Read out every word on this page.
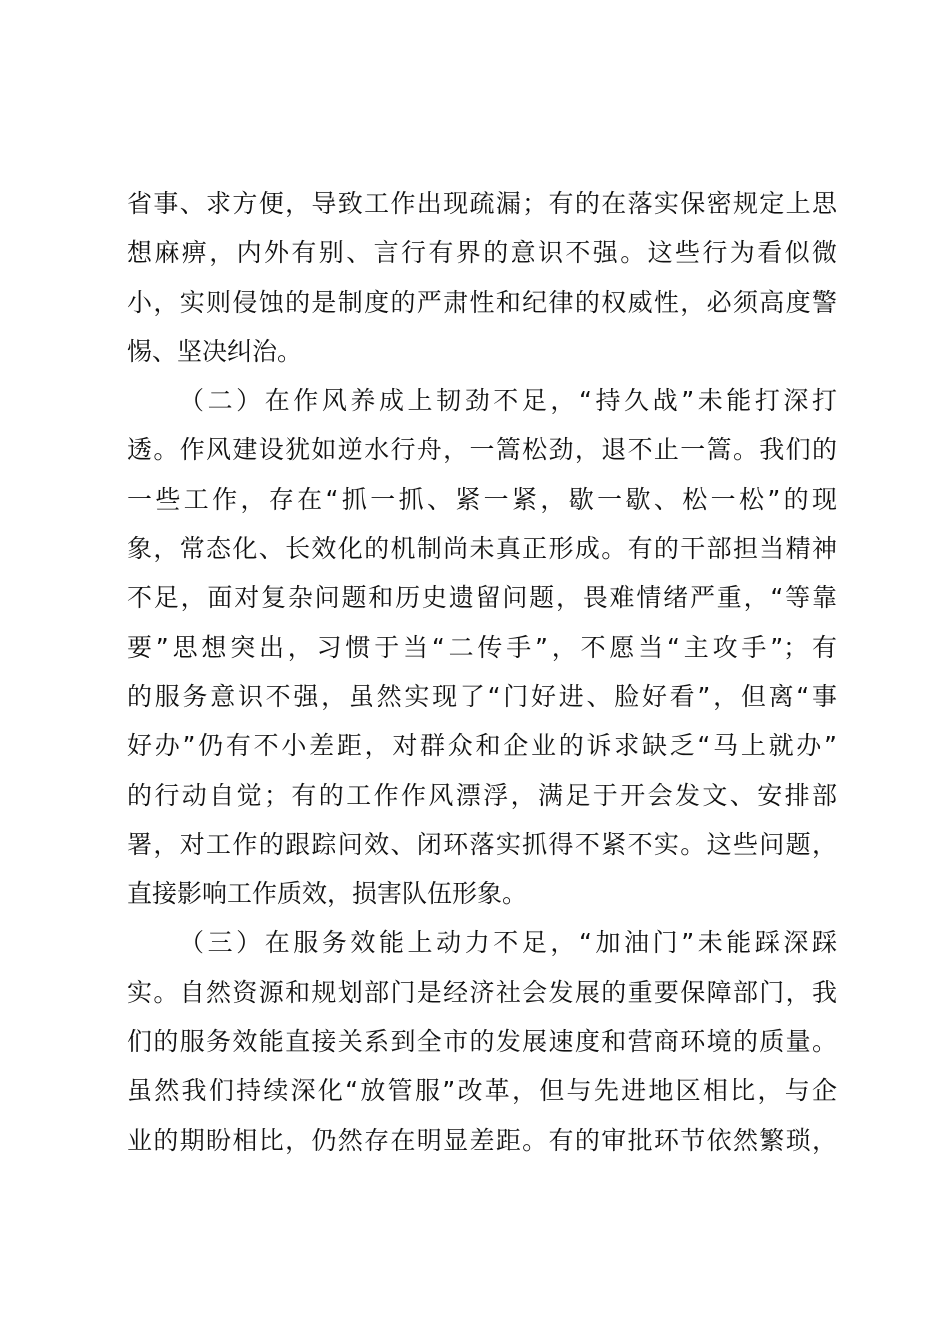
省事、求方便，导致工作出现疏漏；有的在落实保密规定上思
想麻痹，内外有别、言行有界的意识不强。这些行为看似微
小，实则侵蚀的是制度的严肃性和纪律的权威性，必须高度警
惕、坚决纠治。
（二）在作风养成上韧劲不足，“持久战”未能打深打
透。作风建设犹如逆水行舟，一篙松劲，退不止一篙。我们的
一些工作，存在“抓一抓、紧一紧，歇一歇、松一松”的现
象，常态化、长效化的机制尚未真正形成。有的干部担当精神
不足，面对复杂问题和历史遗留问题，畏难情绪严重，“等靠
要”思想突出，习惯于当“二传手”，不愿当“主攻手”；有
的服务意识不强，虽然实现了“门好进、脸好看”，但离“事
好办”仍有不小差距，对群众和企业的诉求缺乏“马上就办”
的行动自觉；有的工作作风漂浮，满足于开会发文、安排部
署，对工作的跟踪问效、闭环落实抓得不紧不实。这些问题，
直接影响工作质效，损害队伍形象。
（三）在服务效能上动力不足，“加油门”未能踩深踩
实。自然资源和规划部门是经济社会发展的重要保障部门，我
们的服务效能直接关系到全市的发展速度和营商环境的质量。
虽然我们持续深化“放管服”改革，但与先进地区相比，与企
业的期盼相比，仍然存在明显差距。有的审批环节依然繁琐，
